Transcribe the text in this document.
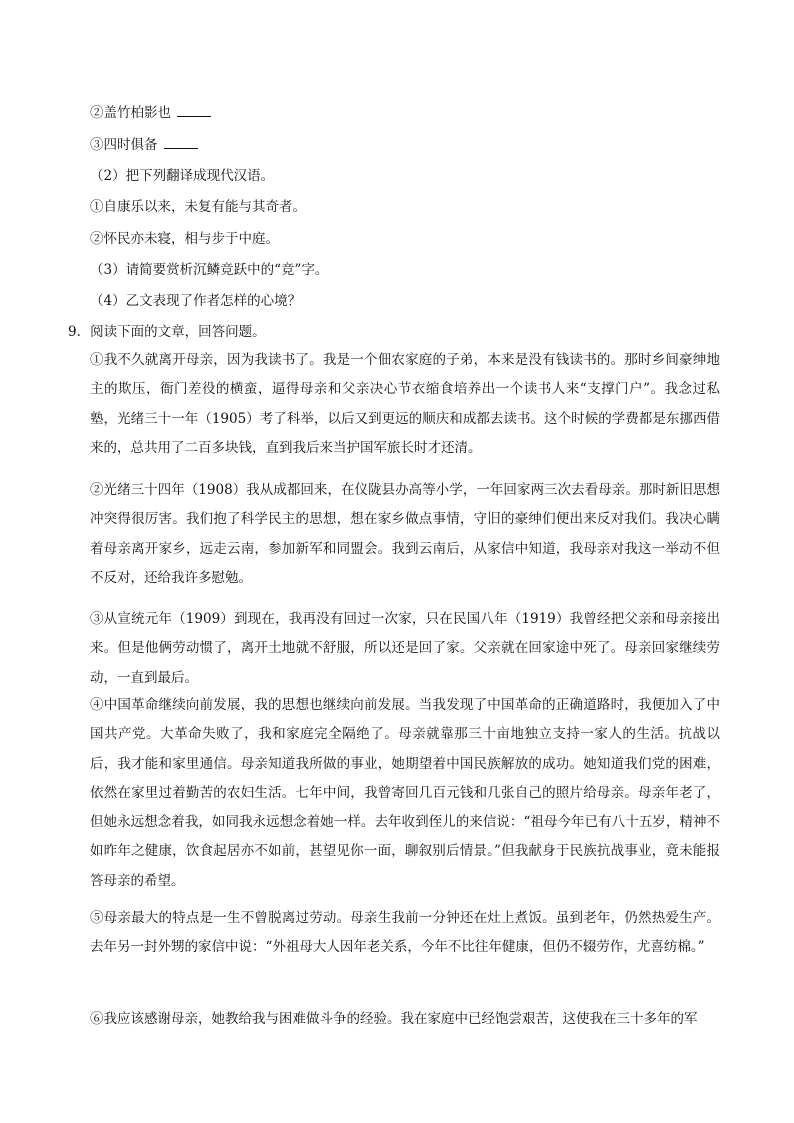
②盖竹柏影也
③四时俱备
（2）把下列翻译成现代汉语。
①自康乐以来，未复有能与其奇者。
②怀民亦未寝，相与步于中庭。
（3）请简要赏析沉鳞竞跃中的“竞”字。
（4）乙文表现了作者怎样的心境？
9．阅读下面的文章，回答问题。
①我不久就离开母亲，因为我读书了。我是一个佃农家庭的子弟，本来是没有钱读书的。那时乡间豪绅地主的欺压，衙门差役的横蛮，逼得母亲和父亲决心节衣缩食培养出一个读书人来“支撑门户”。我念过私塾，光绪三十一年（1905）考了科举，以后又到更远的顺庆和成都去读书。这个时候的学费都是东挪西借来的，总共用了二百多块钱，直到我后来当护国军旅长时才还清。
②光绪三十四年（1908）我从成都回来，在仪陇县办高等小学，一年回家两三次去看母亲。那时新旧思想冲突得很厉害。我们抱了科学民主的思想，想在家乡做点事情，守旧的豪绅们便出来反对我们。我决心瞒着母亲离开家乡，远走云南，参加新军和同盟会。我到云南后，从家信中知道，我母亲对我这一举动不但不反对，还给我许多慰勉。
③从宣统元年（1909）到现在，我再没有回过一次家，只在民国八年（1919）我曾经把父亲和母亲接出来。但是他俩劳动惯了，离开土地就不舒服，所以还是回了家。父亲就在回家途中死了。母亲回家继续劳动，一直到最后。
④中国革命继续向前发展，我的思想也继续向前发展。当我发现了中国革命的正确道路时，我便加入了中国共产党。大革命失败了，我和家庭完全隔绝了。母亲就靠那三十亩地独立支持一家人的生活。抗战以后，我才能和家里通信。母亲知道我所做的事业，她期望着中国民族解放的成功。她知道我们党的困难，依然在家里过着勤苦的农妇生活。七年中间，我曾寄回几百元钱和几张自己的照片给母亲。母亲年老了，但她永远想念着我，如同我永远想念着她一样。去年收到侄儿的来信说：“祖母今年已有八十五岁，精神不如昨年之健康，饮食起居亦不如前，甚望见你一面，聊叙别后情景。”但我献身于民族抗战事业，竟未能报答母亲的希望。
⑤母亲最大的特点是一生不曾脱离过劳动。母亲生我前一分钟还在灶上煮饭。虽到老年，仍然热爱生产。去年另一封外甥的家信中说：“外祖母大人因年老关系，今年不比往年健康，但仍不辍劳作，尤喜纺棉。”
⑥我应该感谢母亲，她教给我与困难做斗争的经验。我在家庭中已经饱尝艰苦，这使我在三十多年的军
